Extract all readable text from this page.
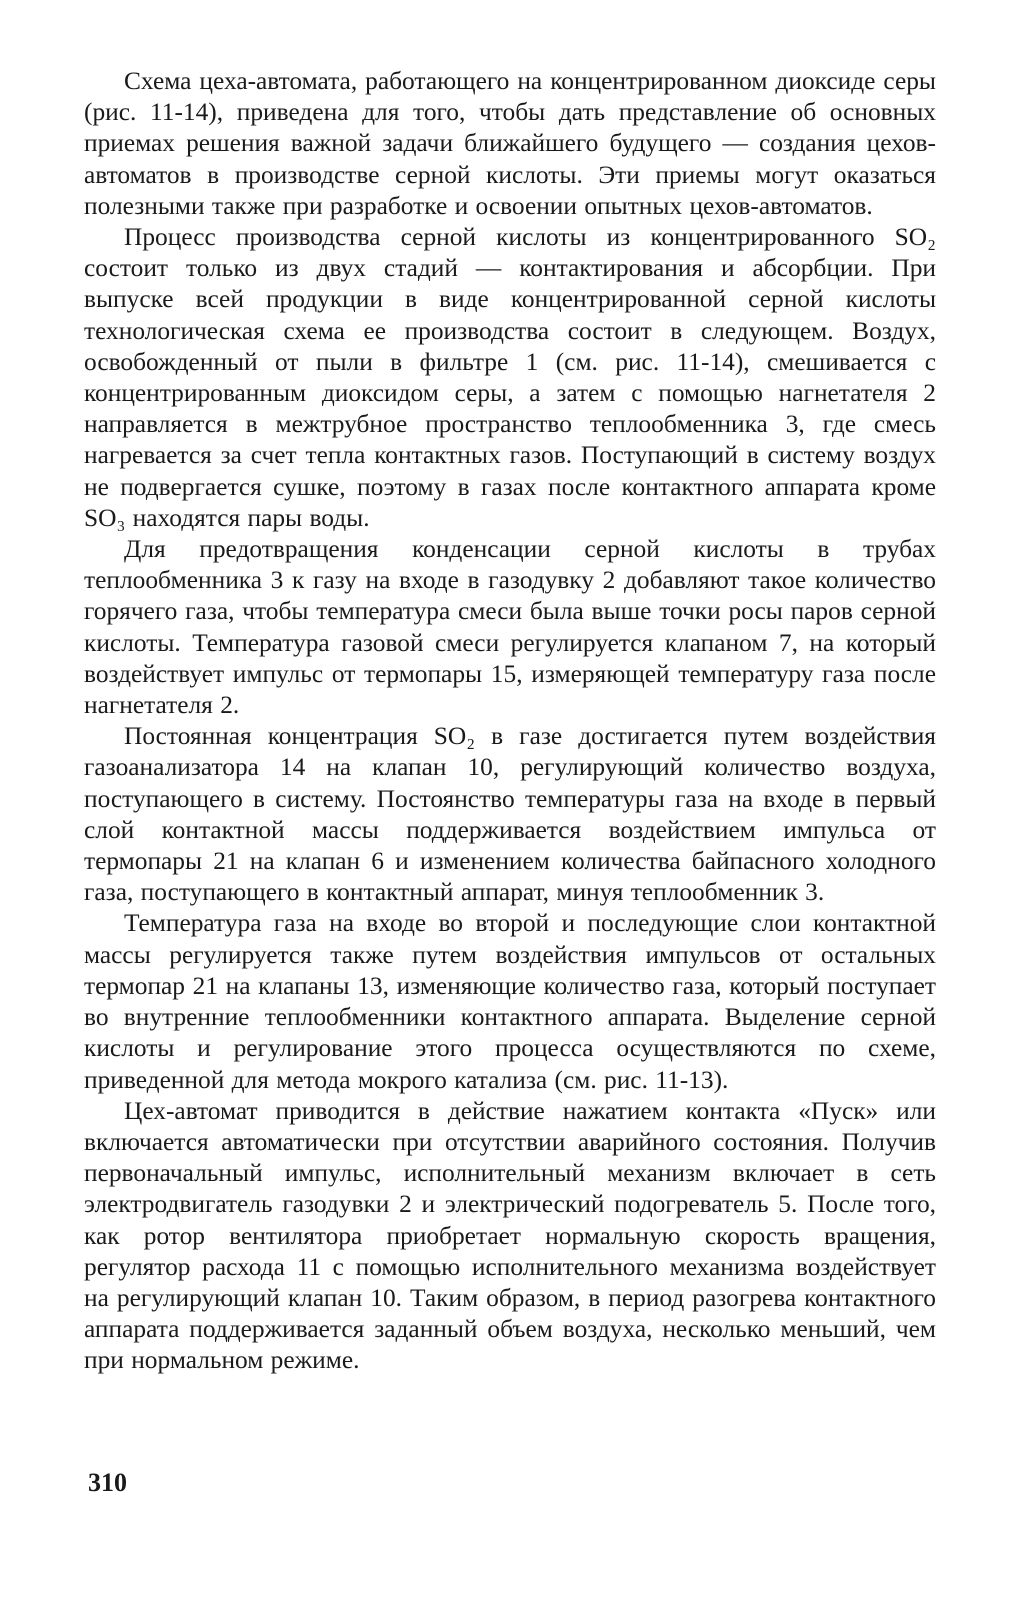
Схема цеха-автомата, работающего на концентрированном диоксиде серы (рис. 11-14), приведена для того, чтобы дать представление об основных приемах решения важной задачи ближайшего будущего — создания цехов-автоматов в производстве серной кислоты. Эти приемы могут оказаться полезными также при разработке и освоении опытных цехов-автоматов.

Процесс производства серной кислоты из концентрированного SO₂ состоит только из двух стадий — контактирования и абсорбции. При выпуске всей продукции в виде концентрированной серной кислоты технологическая схема ее производства состоит в следующем. Воздух, освобожденный от пыли в фильтре 1 (см. рис. 11-14), смешивается с концентрированным диоксидом серы, а затем с помощью нагнетателя 2 направляется в межтрубное пространство теплообменника 3, где смесь нагревается за счет тепла контактных газов. Поступающий в систему воздух не подвергается сушке, поэтому в газах после контактного аппарата кроме SO₃ находятся пары воды.

Для предотвращения конденсации серной кислоты в трубах теплообменника 3 к газу на входе в газодувку 2 добавляют такое количество горячего газа, чтобы температура смеси была выше точки росы паров серной кислоты. Температура газовой смеси регулируется клапаном 7, на который воздействует импульс от термопары 15, измеряющей температуру газа после нагнетателя 2.

Постоянная концентрация SO₂ в газе достигается путем воздействия газоанализатора 14 на клапан 10, регулирующий количество воздуха, поступающего в систему. Постоянство температуры газа на входе в первый слой контактной массы поддерживается воздействием импульса от термопары 21 на клапан 6 и изменением количества байпасного холодного газа, поступающего в контактный аппарат, минуя теплообменник 3.

Температура газа на входе во второй и последующие слои контактной массы регулируется также путем воздействия импульсов от остальных термопар 21 на клапаны 13, изменяющие количество газа, который поступает во внутренние теплообменники контактного аппарата. Выделение серной кислоты и регулирование этого процесса осуществляются по схеме, приведенной для метода мокрого катализа (см. рис. 11-13).

Цех-автомат приводится в действие нажатием контакта «Пуск» или включается автоматически при отсутствии аварийного состояния. Получив первоначальный импульс, исполнительный механизм включает в сеть электродвигатель газодувки 2 и электрический подогреватель 5. После того, как ротор вентилятора приобретает нормальную скорость вращения, регулятор расхода 11 с помощью исполнительного механизма воздействует на регулирующий клапан 10. Таким образом, в период разогрева контактного аппарата поддерживается заданный объем воздуха, несколько меньший, чем при нормальном режиме.

310
